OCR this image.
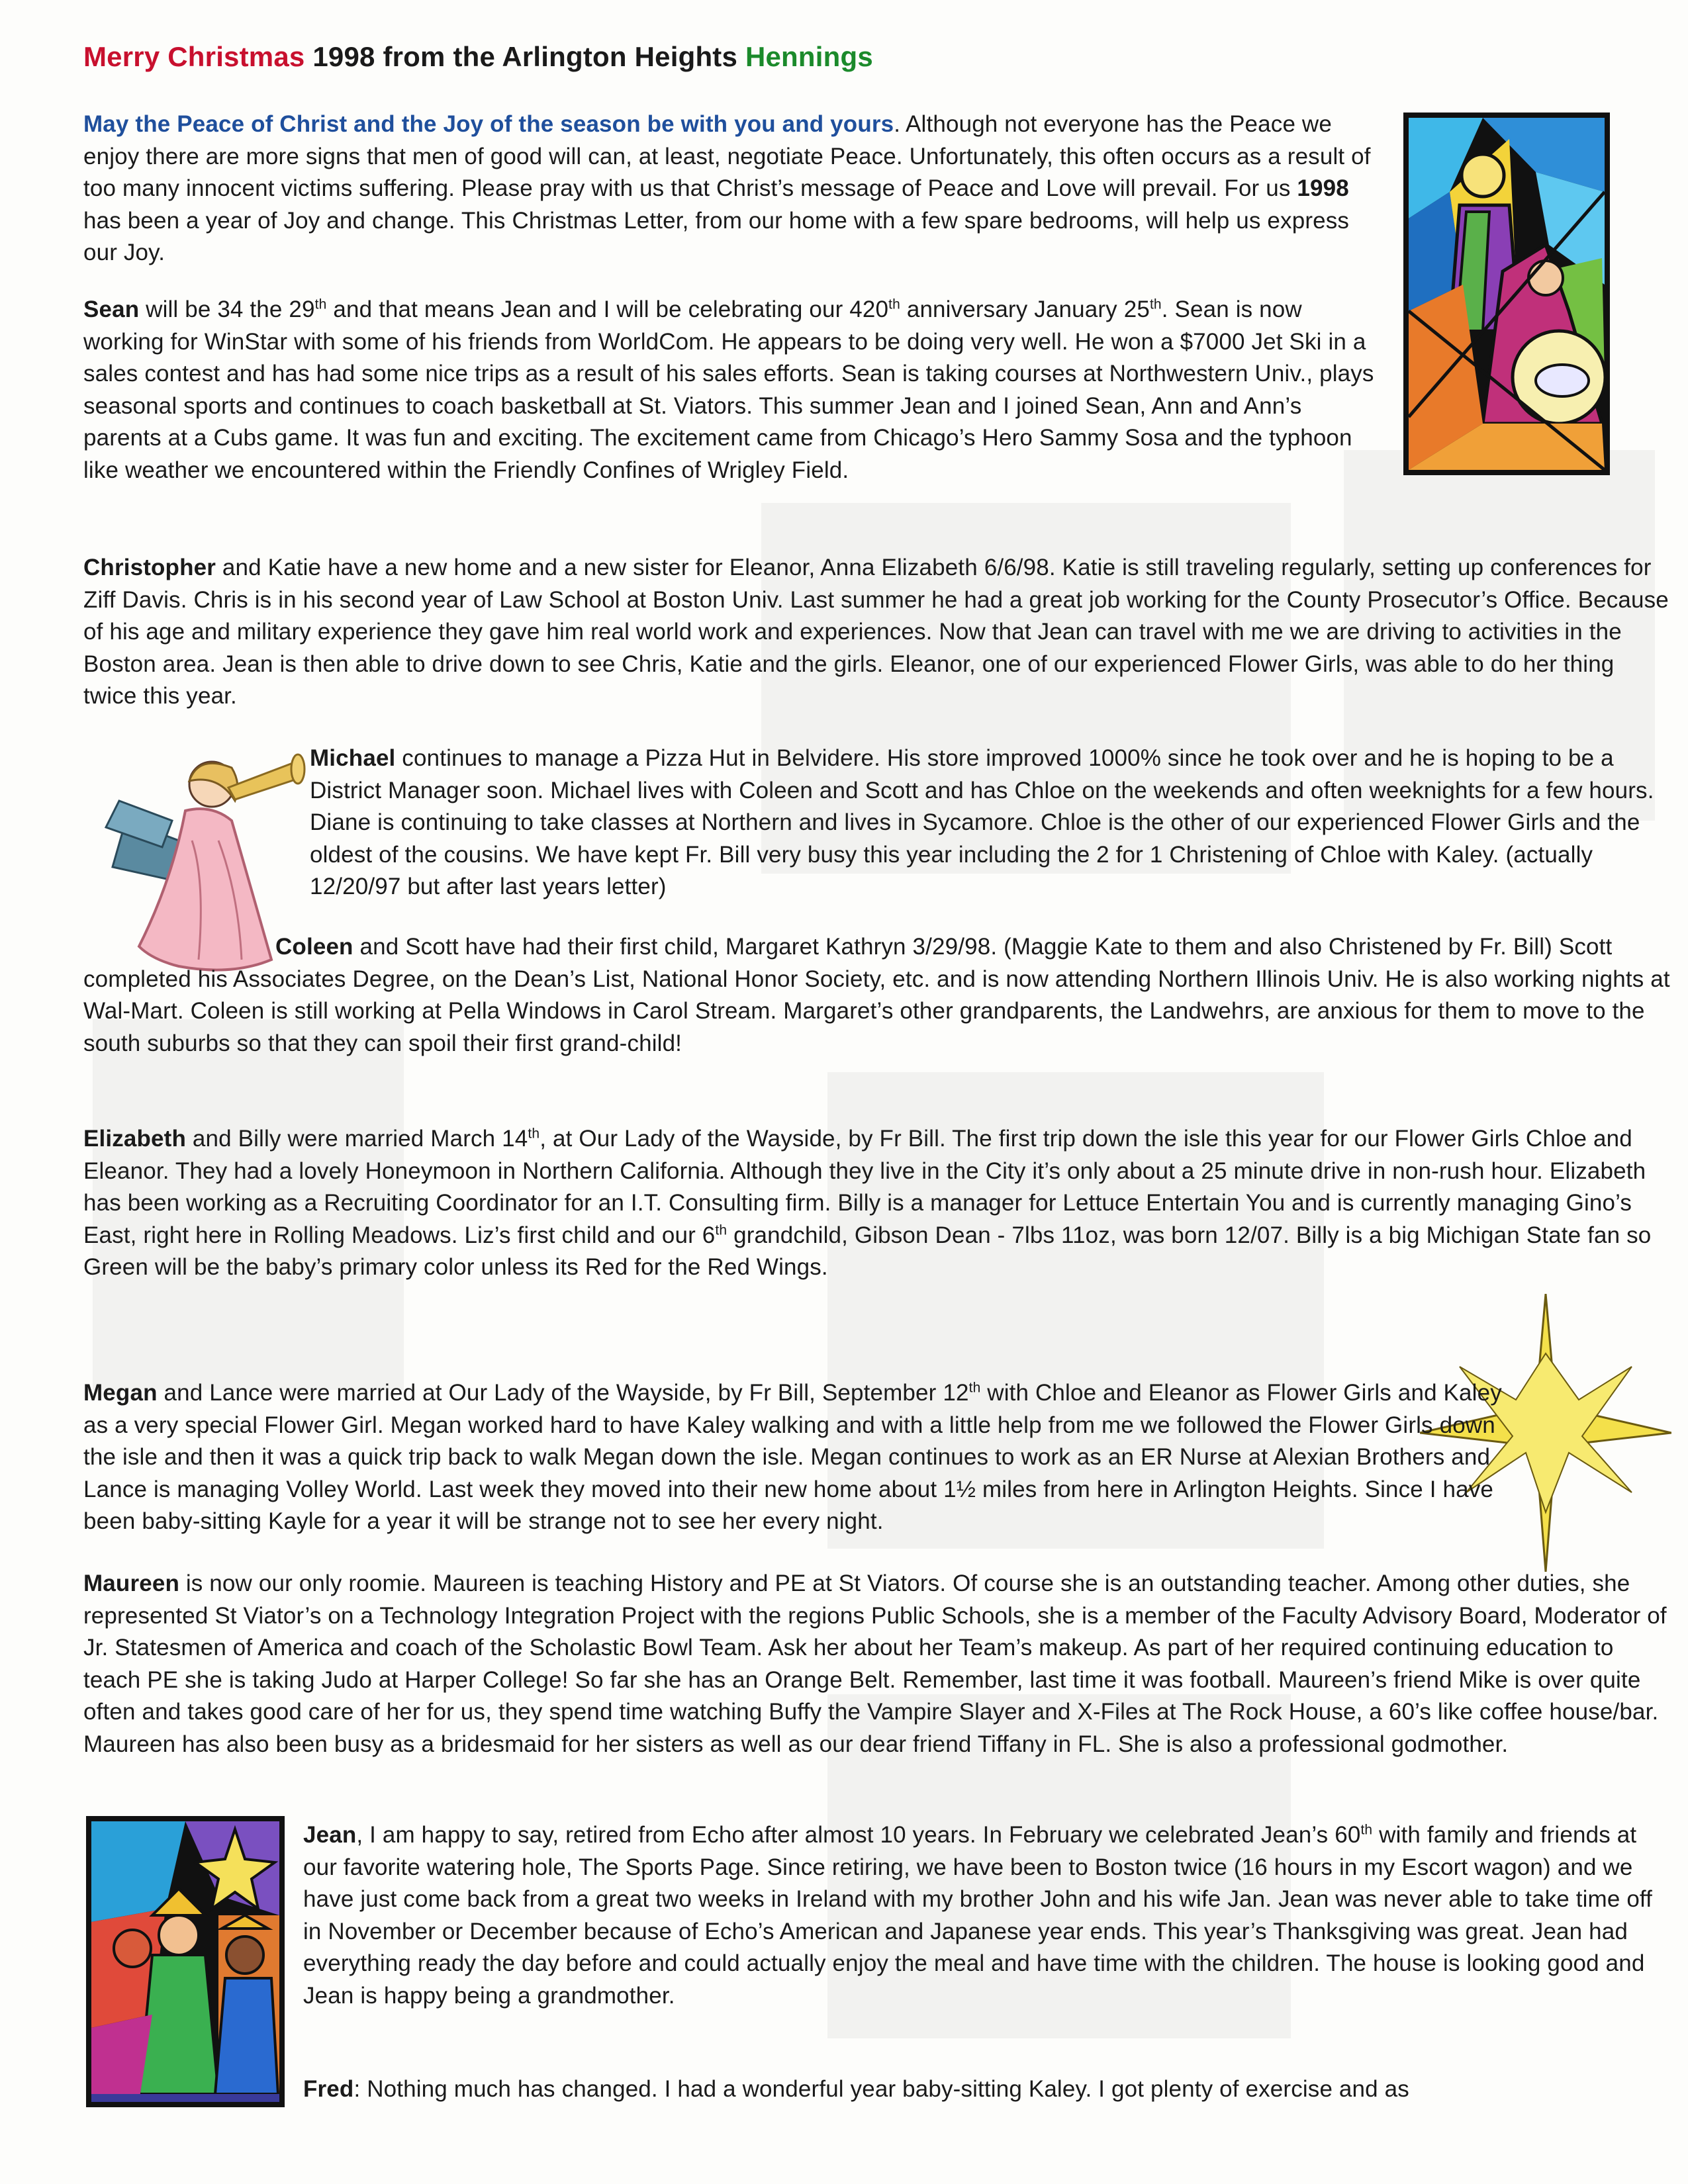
Merry Christmas 1998 from the Arlington Heights Hennings

May the Peace of Christ and the Joy of the season be with you and yours. Although not everyone has the Peace we enjoy there are more signs that men of good will can, at least, negotiate Peace. Unfortunately, this often occurs as a result of too many innocent victims suffering. Please pray with us that Christ’s message of Peace and Love will prevail. For us 1998 has been a year of Joy and change. This Christmas Letter, from our home with a few spare bedrooms, will help us express our Joy.

Sean will be 34 the 29th and that means Jean and I will be celebrating our 420th anniversary January 25th. Sean is now working for WinStar with some of his friends from WorldCom. He appears to be doing very well. He won a $7000 Jet Ski in a sales contest and has had some nice trips as a result of his sales efforts. Sean is taking courses at Northwestern Univ., plays seasonal sports and continues to coach basketball at St. Viators. This summer Jean and I joined Sean, Ann and Ann’s parents at a Cubs game. It was fun and exciting. The excitement came from Chicago’s Hero Sammy Sosa and the typhoon like weather we encountered within the Friendly Confines of Wrigley Field.

Christopher and Katie have a new home and a new sister for Eleanor, Anna Elizabeth 6/6/98. Katie is still traveling regularly, setting up conferences for Ziff Davis. Chris is in his second year of Law School at Boston Univ. Last summer he had a great job working for the County Prosecutor’s Office. Because of his age and military experience they gave him real world work and experiences. Now that Jean can travel with me we are driving to activities in the Boston area. Jean is then able to drive down to see Chris, Katie and the girls. Eleanor, one of our experienced Flower Girls, was able to do her thing twice this year.

Michael continues to manage a Pizza Hut in Belvidere. His store improved 1000% since he took over and he is hoping to be a District Manager soon. Michael lives with Coleen and Scott and has Chloe on the weekends and often weeknights for a few hours. Diane is continuing to take classes at Northern and lives in Sycamore. Chloe is the other of our experienced Flower Girls and the oldest of the cousins. We have kept Fr. Bill very busy this year including the 2 for 1 Christening of Chloe with Kaley. (actually 12/20/97 but after last years letter)

Coleen and Scott have had their first child, Margaret Kathryn 3/29/98. (Maggie Kate to them and also Christened by Fr. Bill) Scott completed his Associates Degree, on the Dean’s List, National Honor Society, etc. and is now attending Northern Illinois Univ. He is also working nights at Wal-Mart. Coleen is still working at Pella Windows in Carol Stream. Margaret’s other grandparents, the Landwehrs, are anxious for them to move to the south suburbs so that they can spoil their first grand-child!

Elizabeth and Billy were married March 14th, at Our Lady of the Wayside, by Fr Bill. The first trip down the isle this year for our Flower Girls Chloe and Eleanor. They had a lovely Honeymoon in Northern California. Although they live in the City it’s only about a 25 minute drive in non-rush hour. Elizabeth has been working as a Recruiting Coordinator for an I.T. Consulting firm. Billy is a manager for Lettuce Entertain You and is currently managing Gino’s East, right here in Rolling Meadows. Liz’s first child and our 6th grandchild, Gibson Dean - 7lbs 11oz, was born 12/07. Billy is a big Michigan State fan so Green will be the baby’s primary color unless its Red for the Red Wings.

Megan and Lance were married at Our Lady of the Wayside, by Fr Bill, September 12th with Chloe and Eleanor as Flower Girls and Kaley as a very special Flower Girl. Megan worked hard to have Kaley walking and with a little help from me we followed the Flower Girls down the isle and then it was a quick trip back to walk Megan down the isle. Megan continues to work as an ER Nurse at Alexian Brothers and Lance is managing Volley World. Last week they moved into their new home about 1½ miles from here in Arlington Heights. Since I have been baby-sitting Kayle for a year it will be strange not to see her every night.

Maureen is now our only roomie. Maureen is teaching History and PE at St Viators. Of course she is an outstanding teacher. Among other duties, she represented St Viator’s on a Technology Integration Project with the regions Public Schools, she is a member of the Faculty Advisory Board, Moderator of Jr. Statesmen of America and coach of the Scholastic Bowl Team. Ask her about her Team’s makeup. As part of her required continuing education to teach PE she is taking Judo at Harper College! So far she has an Orange Belt. Remember, last time it was football. Maureen’s friend Mike is over quite often and takes good care of her for us, they spend time watching Buffy the Vampire Slayer and X-Files at The Rock House, a 60’s like coffee house/bar. Maureen has also been busy as a bridesmaid for her sisters as well as our dear friend Tiffany in FL. She is also a professional godmother.

Jean, I am happy to say, retired from Echo after almost 10 years. In February we celebrated Jean’s 60th with family and friends at our favorite watering hole, The Sports Page. Since retiring, we have been to Boston twice (16 hours in my Escort wagon) and we have just come back from a great two weeks in Ireland with my brother John and his wife Jan. Jean was never able to take time off in November or December because of Echo’s American and Japanese year ends. This year’s Thanksgiving was great. Jean had everything ready the day before and could actually enjoy the meal and have time with the children. The house is looking good and Jean is happy being a grandmother.

Fred: Nothing much has changed. I had a wonderful year baby-sitting Kaley. I got plenty of exercise and as
